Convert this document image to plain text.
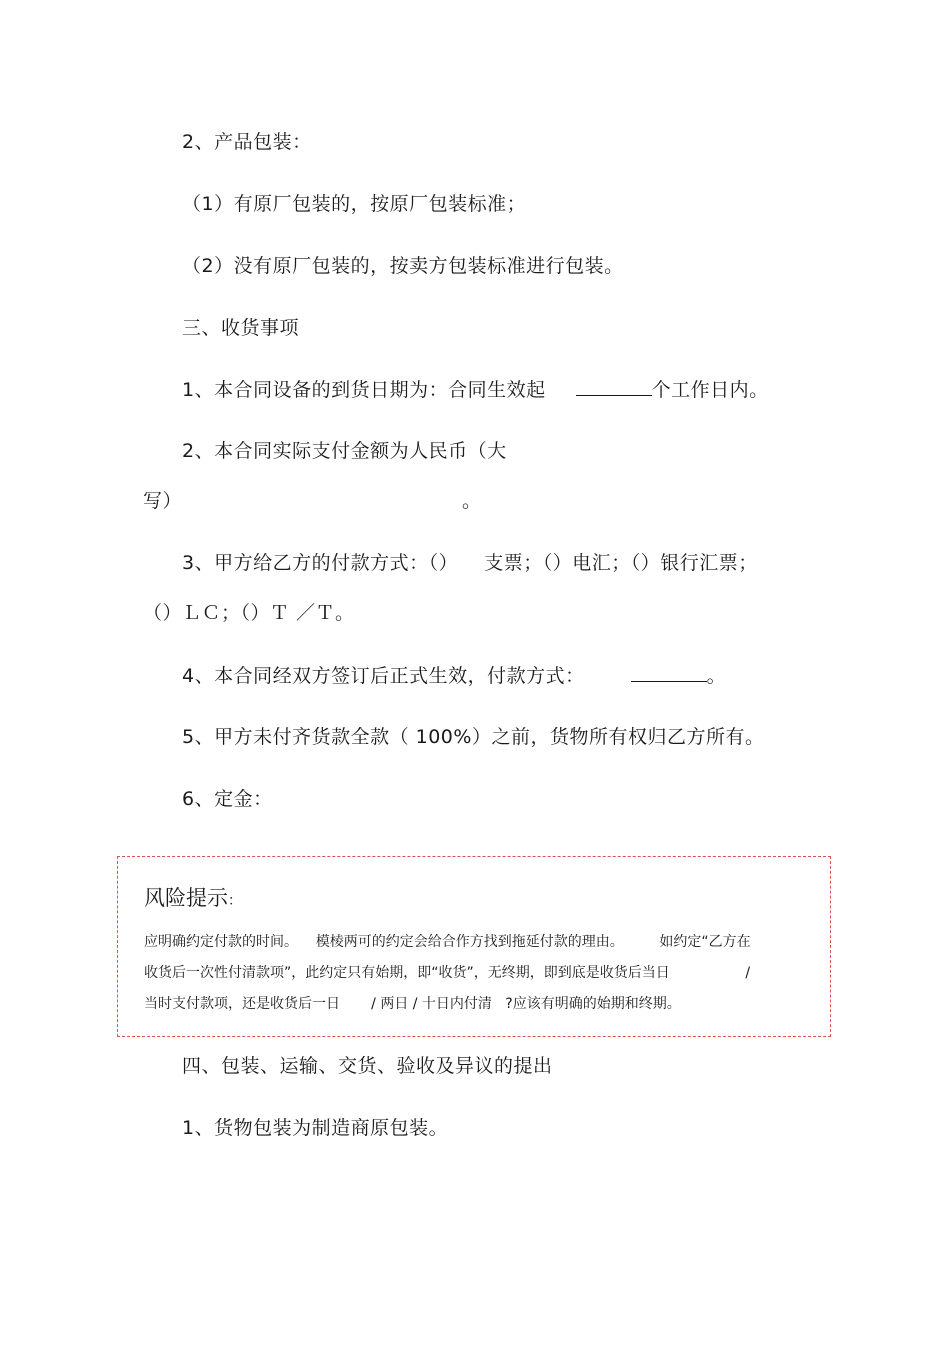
2、产品包装：
（1）有原厂包装的，按原厂包装标准；
（2）没有原厂包装的，按卖方包装标准进行包装。
三、收货事项
1、本合同设备的到货日期为：合同生效起	个工作日内。
2、本合同实际支付金额为人民币（大
写）	。
3、甲方给乙方的付款方式：（）    支票；（）电汇；（）银行汇票；
（）ＬＣ；（）Ｔ ／Ｔ。
4、本合同经双方签订后正式生效，付款方式：	。
5、甲方未付齐货款全款（ 100%）之前，货物所有权归乙方所有。
6、定金：
风险提示：
应明确约定付款的时间。    模棱两可的约定会给合作方找到拖延付款的理由。        如约定“乙方在
收货后一次性付清款项”，此约定只有始期，即“收货”，无终期，即到底是收货后当日                 /
当时支付款项，还是收货后一日       / 两日 / 十日内付清   ?应该有明确的始期和终期。
四、包装、运输、交货、验收及异议的提出
1、货物包装为制造商原包装。
